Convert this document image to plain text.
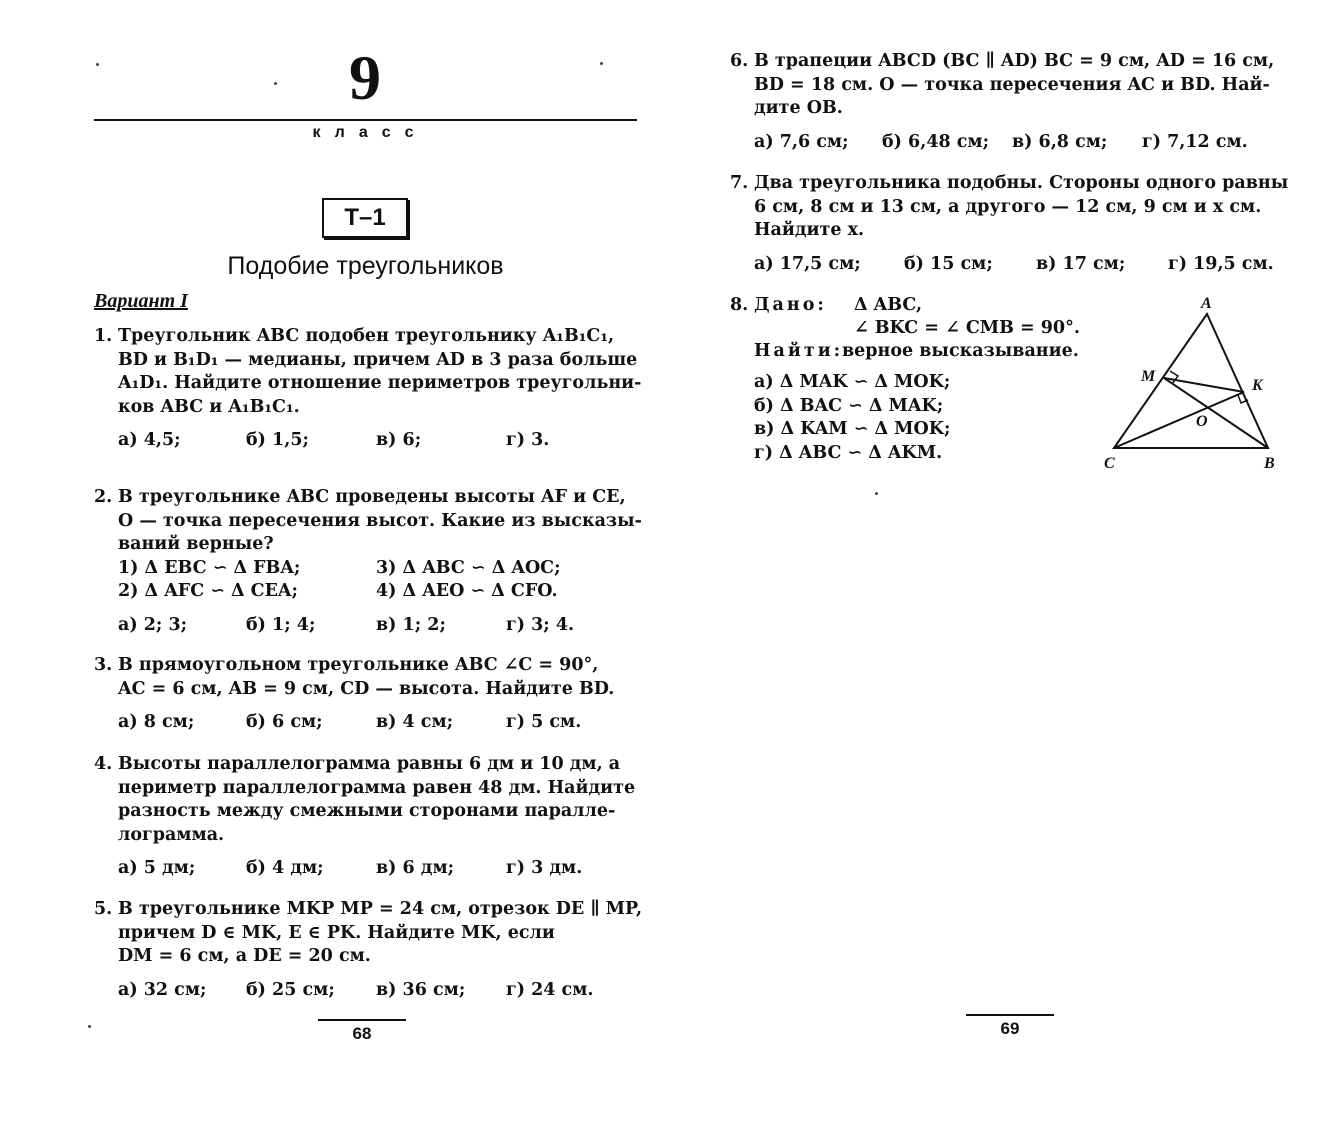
9
класс
Т–1
Подобие треугольников
Вариант I
1. Треугольник ABC подобен треугольнику A₁B₁C₁,
BD и B₁D₁ — медианы, причем AD в 3 раза больше
A₁D₁. Найдите отношение периметров треугольни-
ков ABC и A₁B₁C₁.
а) 4,5;	б) 1,5;	в) 6;	г) 3.
2. В треугольнике ABC проведены высоты AF и CE,
O — точка пересечения высот. Какие из высказы-
ваний верные?
1) Δ EBC ∽ Δ FBA;	3) Δ ABC ∽ Δ AOC;
2) Δ AFC ∽ Δ CEA;	4) Δ AEO ∽ Δ CFO.
а) 2; 3;	б) 1; 4;	в) 1; 2;	г) 3; 4.
3. В прямоугольном треугольнике ABC ∠C = 90°,
AC = 6 см, AB = 9 см, CD — высота. Найдите BD.
а) 8 см;	б) 6 см;	в) 4 см;	г) 5 см.
4. Высоты параллелограмма равны 6 дм и 10 дм, а
периметр параллелограмма равен 48 дм. Найдите
разность между смежными сторонами паралле-
лограмма.
а) 5 дм;	б) 4 дм;	в) 6 дм;	г) 3 дм.
5. В треугольнике MKP MP = 24 см, отрезок DE ∥ MP,
причем D ∈ MK, E ∈ PK. Найдите MK, если
DM = 6 см, а DE = 20 см.
а) 32 см; б) 25 см; в) 36 см; г) 24 см.
68
6. В трапеции ABCD (BC ∥ AD) BC = 9 см, AD = 16 см,
BD = 18 см. O — точка пересечения AC и BD. Най-
дите OB.
а) 7,6 см; б) 6,48 см; в) 6,8 см; г) 7,12 см.
7. Два треугольника подобны. Стороны одного равны
6 см, 8 см и 13 см, а другого — 12 см, 9 см и x см.
Найдите x.
а) 17,5 см; б) 15 см; в) 17 см; г) 19,5 см.
8. Дано: Δ ABC,
∠ BKC = ∠ CMB = 90°.
Найти:
верное высказывание.
а) Δ MAK ∽ Δ MOK;
б) Δ BAC ∽ Δ MAK;
в) Δ KAM ∽ Δ MOK;
г) Δ ABC ∽ Δ AKM.
A
M
K
O
C	B
69
